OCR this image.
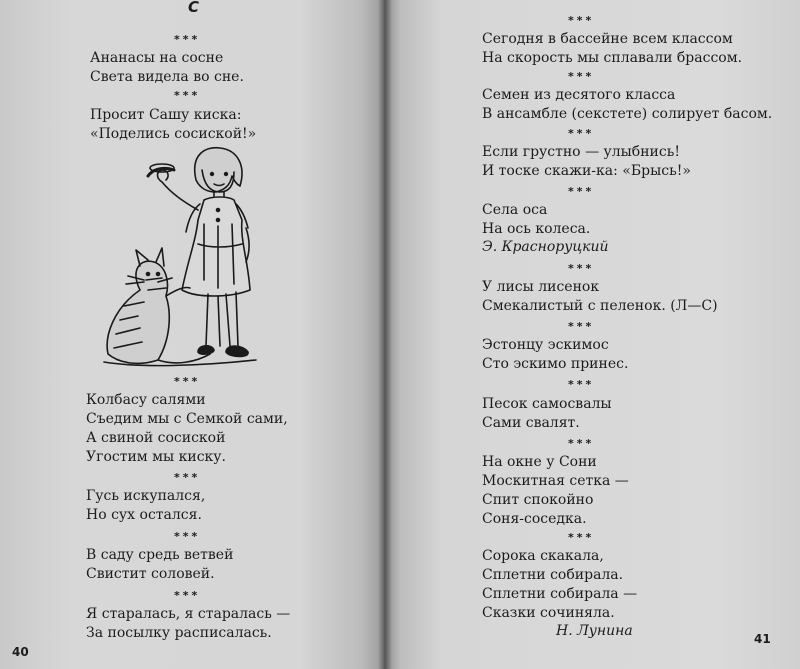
С
***
Ананасы на сосне
Света видела во сне.
***
Просит Сашу киска:
«Поделись сосиской!»
***
Колбасу салями
Съедим мы с Семкой сами,
А свиной сосиской
Угостим мы киску.
***
Гусь искупался,
Но сух остался.
***
В саду средь ветвей
Свистит соловей.
***
Я старалась, я старалась —
За посылку расписалась.
40
***
Сегодня в бассейне всем классом
На скорость мы сплавали брассом.
***
Семен из десятого класса
В ансамбле (секстете) солирует басом.
***
Если грустно — улыбнись!
И тоске скажи-ка: «Брысь!»
***
Села оса
На ось колеса.
Э. Красноруцкий
***
У лисы лисенок
Смекалистый с пеленок. (Л—С)
***
Эстонцу эскимос
Сто эскимо принес.
***
Песок самосвалы
Сами свалят.
***
На окне у Сони
Москитная сетка —
Спит спокойно
Соня-соседка.
***
Сорока скакала,
Сплетни собирала.
Сплетни собирала —
Сказки сочиняла.
Н. Лунина	41
